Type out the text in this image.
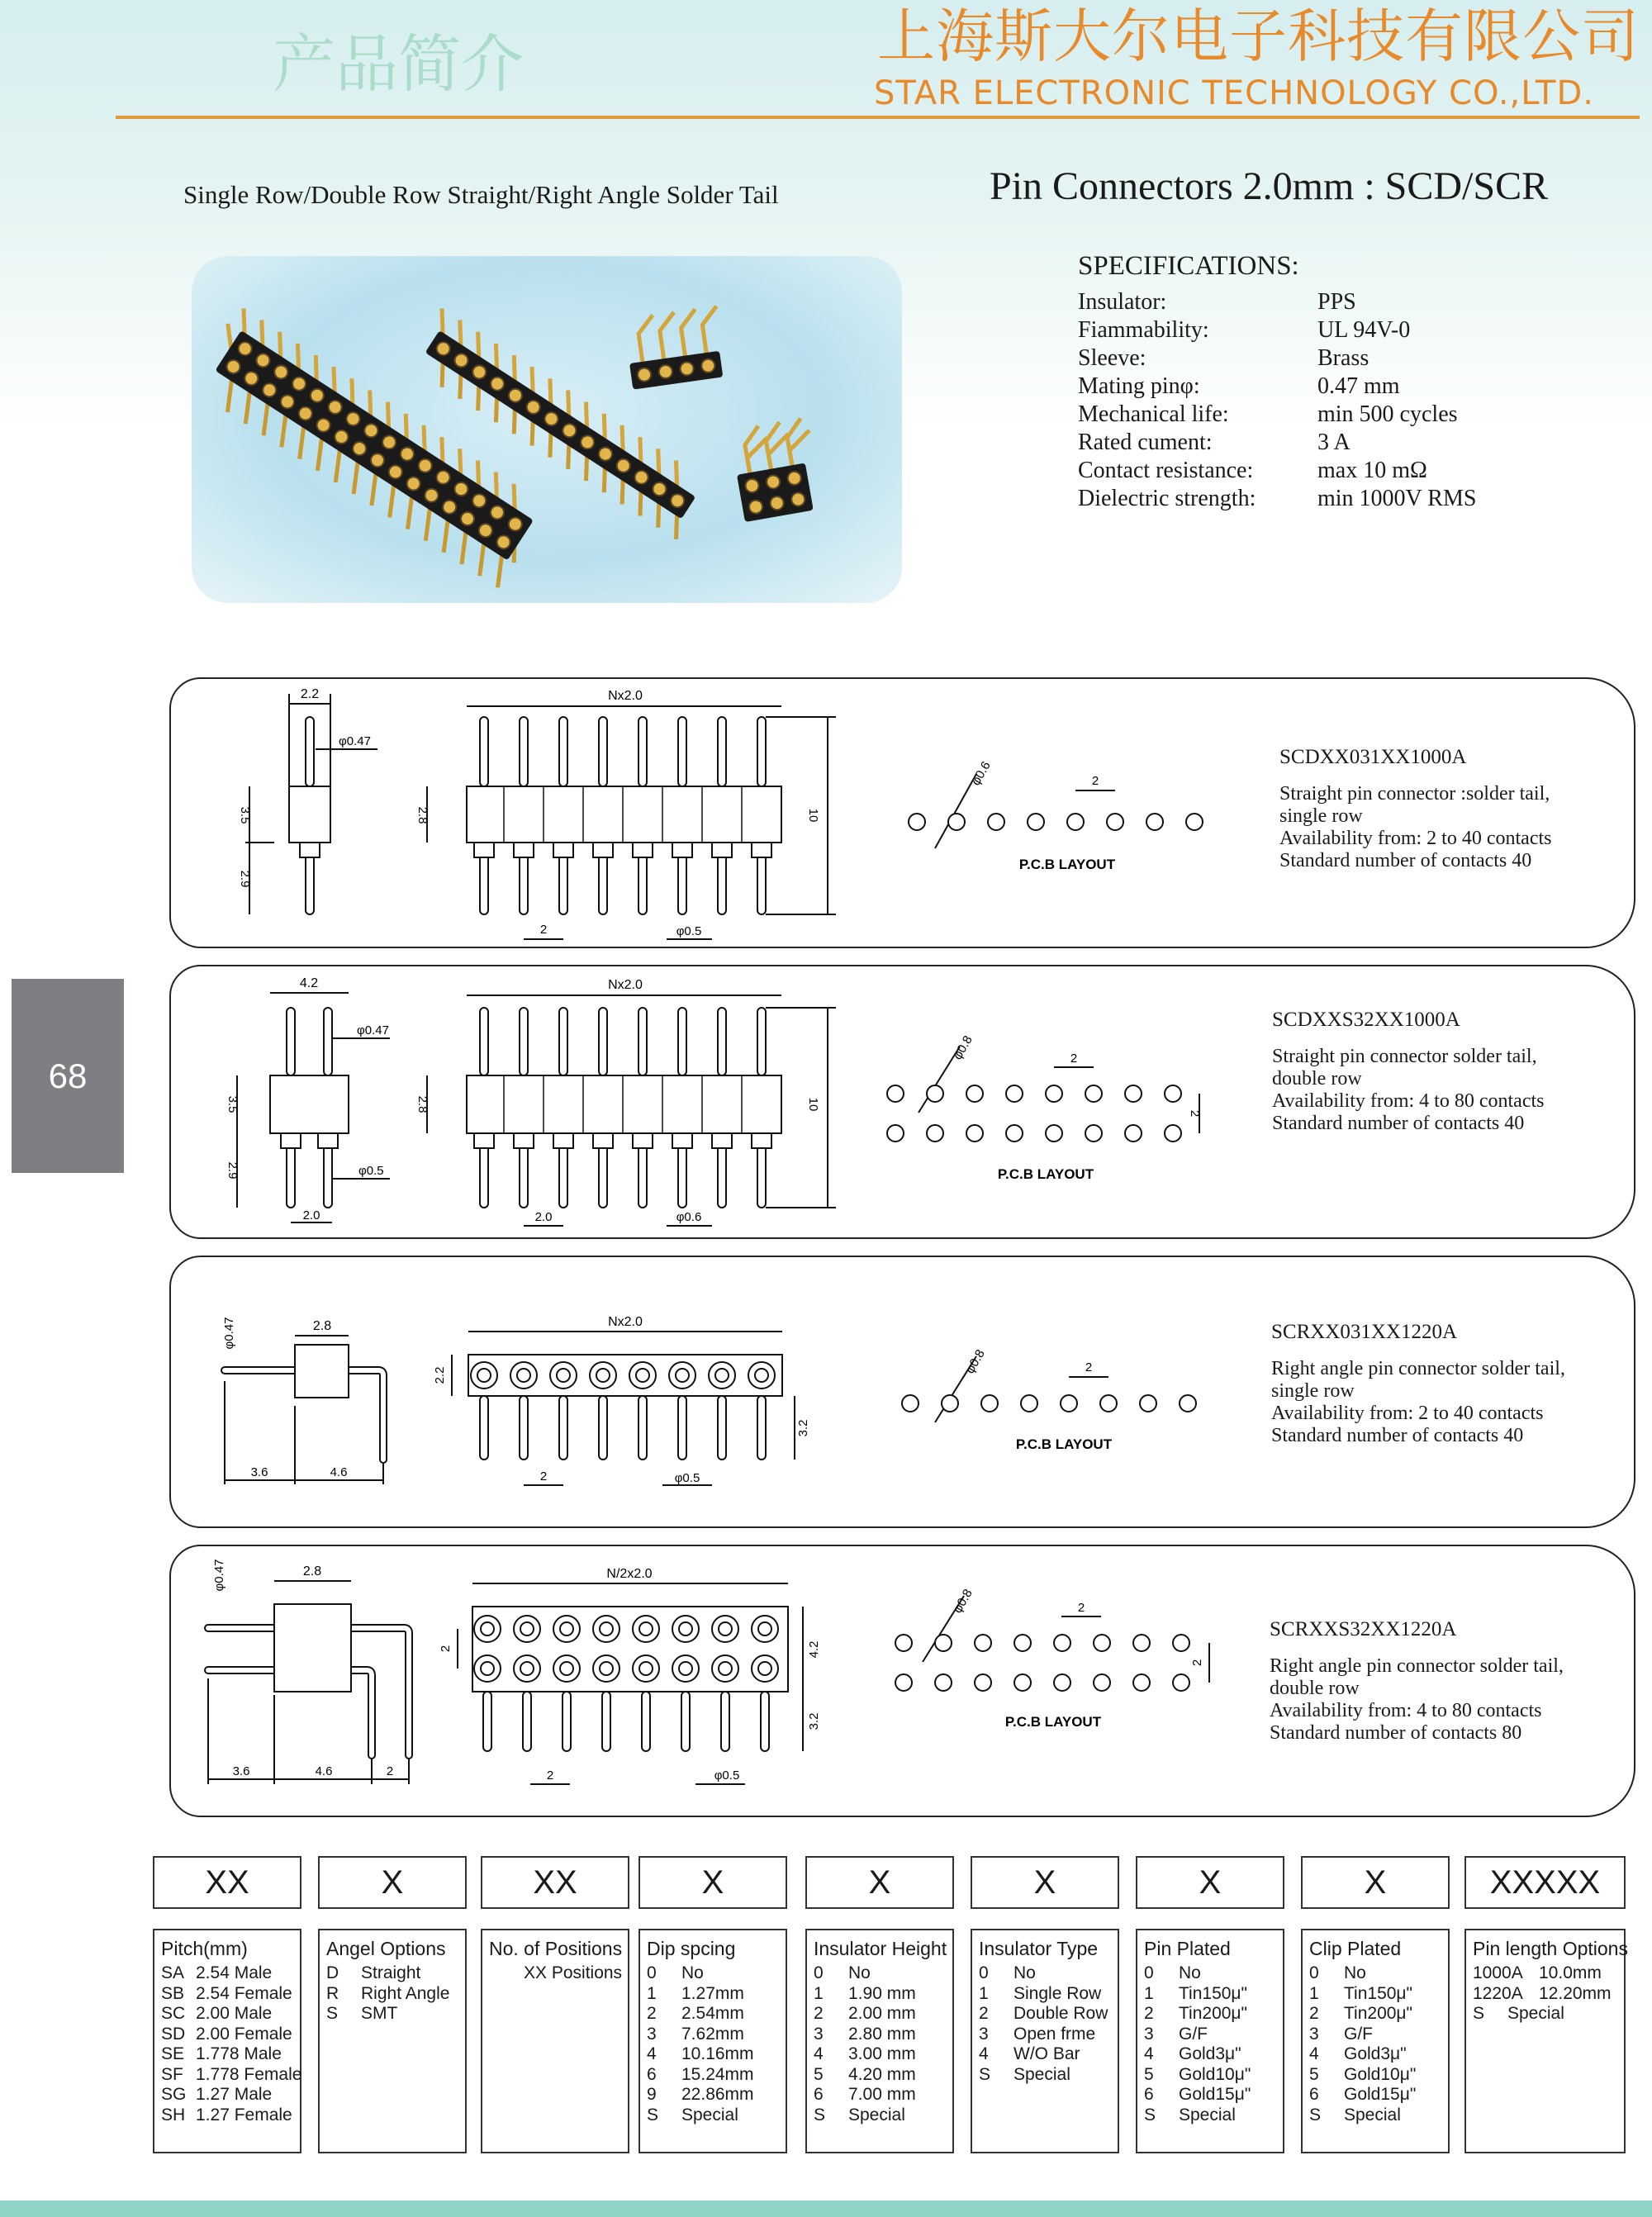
产品简介	上海斯大尔电子科技有限公司
STAR ELECTRONIC TECHNOLOGY CO.,LTD.
Single Row/Double Row Straight/Right Angle Solder Tail	Pin Connectors 2.0mm : SCD/SCR
SPECIFICATIONS:
Insulator:	PPS
Fiammability:	UL 94V-0
Sleeve:	Brass
Mating pinφ:	0.47 mm
Mechanical life:	min 500 cycles
Rated cument:	3 A
Contact resistance:	max 10 mΩ
Dielectric strength:	min 1000V RMS
68
2.2
φ0.47
3.5
2.9
Nx2.0
2.8	10
2	φ0.5
φ0.6	2
P.C.B LAYOUT
SCDXX031XX1000A
Straight pin connector :solder tail,
single row
Availability from: 2 to 40 contacts
Standard number of contacts 40
4.2
φ0.47
3.5
2.9	φ0.5
2.0
Nx2.0
2.8	10
2.0	φ0.6
φ0.8	2
2
P.C.B LAYOUT
SCDXXS32XX1000A
Straight pin connector solder tail,
double row
Availability from: 4 to 80 contacts
Standard number of contacts 40
φ0.47	2.8
3.6	4.6
Nx2.0
2.2
3.2
2	φ0.5
φ0.8	2
P.C.B LAYOUT
SCRXX031XX1220A
Right angle pin connector solder tail,
single row
Availability from: 2 to 40 contacts
Standard number of contacts 40
φ0.47	2.8
3.6	4.6	2
N/2x2.0
2	4.2
3.2
2	φ0.5
φ0.8	2
2
P.C.B LAYOUT
SCRXXS32XX1220A
Right angle pin connector solder tail,
double row
Availability from: 4 to 80 contacts
Standard number of contacts 80
XX
Pitch(mm)
SA 2.54 Male
SB 2.54 Female
SC 2.00 Male
SD 2.00 Female
SE 1.778 Male
SF 1.778 Female
SG 1.27 Male
SH 1.27 Female
X
Angel Options
D	Straight
R	Right Angle
S	SMT
XX
No. of Positions
XX Positions
X
Dip spcing
0	No
1	1.27mm
2	2.54mm
3	7.62mm
4	10.16mm
6	15.24mm
9	22.86mm
S	Special
X
Insulator Height
0	No
1	1.90 mm
2	2.00 mm
3	2.80 mm
4	3.00 mm
5	4.20 mm
6	7.00 mm
S	Special
X
Insulator Type
0	No
1	Single Row
2	Double Row
3	Open frme
4	W/O Bar
S	Special
X
Pin Plated
0	No
1	Tin150μ"
2	Tin200μ"
3	G/F
4	Gold3μ"
5	Gold10μ"
6	Gold15μ"
S	Special
X
Clip Plated
0	No
1	Tin150μ"
2	Tin200μ"
3	G/F
4	Gold3μ"
5	Gold10μ"
6	Gold15μ"
S	Special
XXXXX
Pin length Options
1000A 10.0mm
1220A 12.20mm
S	Special
